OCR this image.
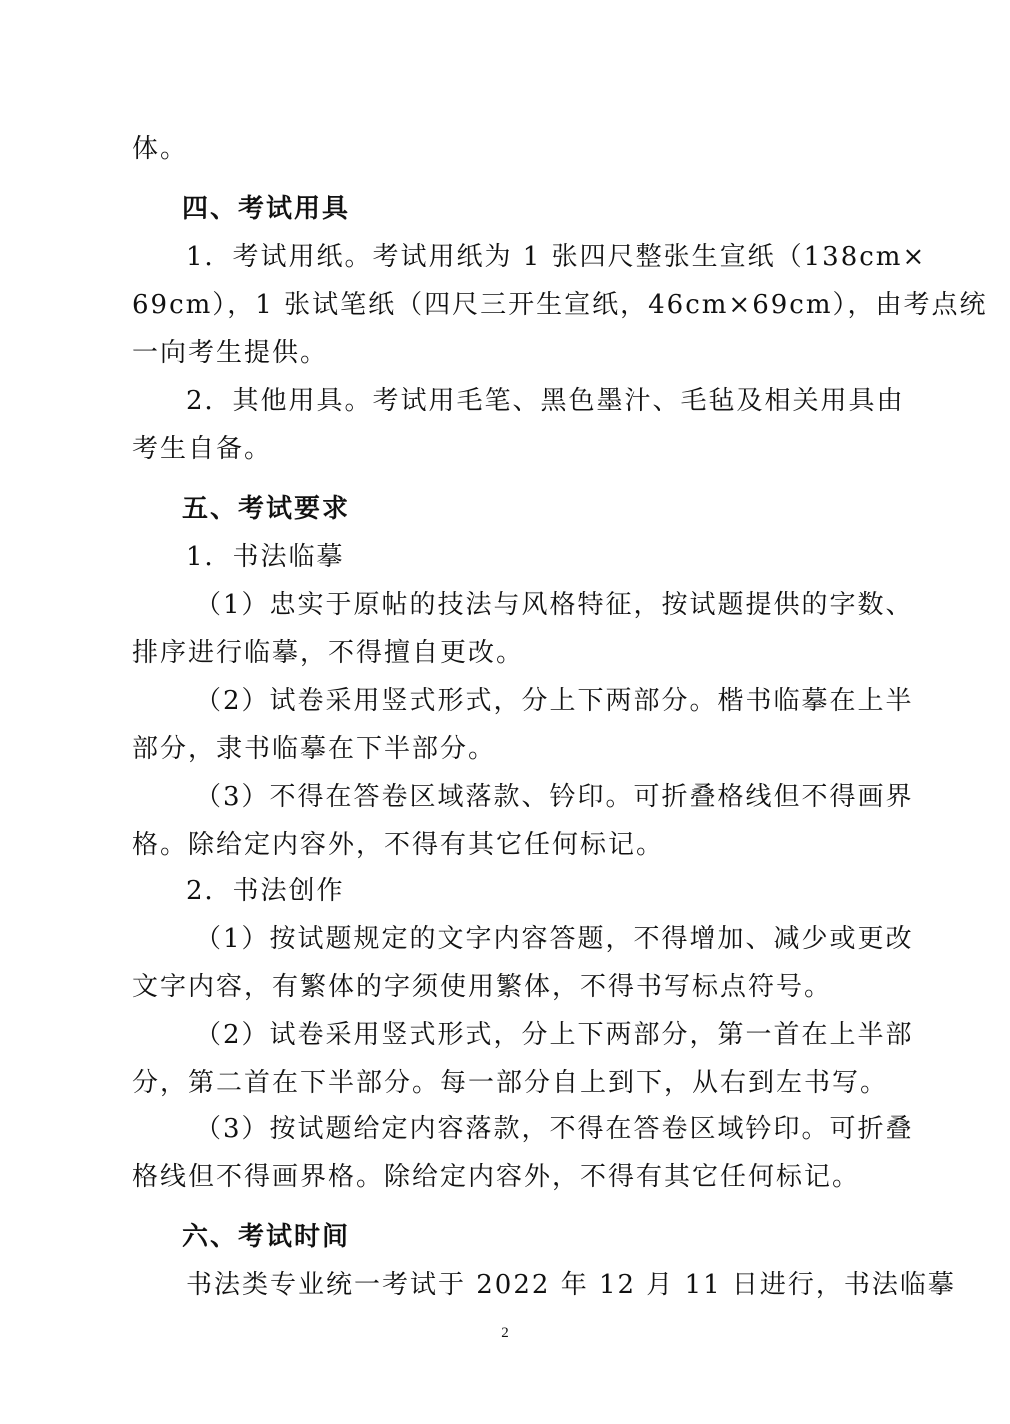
体。
四、考试用具
1．考试用纸。考试用纸为 1 张四尺整张生宣纸（138cm×
69cm），1 张试笔纸（四尺三开生宣纸，46cm×69cm），由考点统
一向考生提供。
2．其他用具。考试用毛笔、黑色墨汁、毛毡及相关用具由
考生自备。
五、考试要求
1．书法临摹
（1）忠实于原帖的技法与风格特征，按试题提供的字数、
排序进行临摹，不得擅自更改。
（2）试卷采用竖式形式，分上下两部分。楷书临摹在上半
部分，隶书临摹在下半部分。
（3）不得在答卷区域落款、钤印。可折叠格线但不得画界
格。除给定内容外，不得有其它任何标记。
2．书法创作
（1）按试题规定的文字内容答题，不得增加、减少或更改
文字内容，有繁体的字须使用繁体，不得书写标点符号。
（2）试卷采用竖式形式，分上下两部分，第一首在上半部
分，第二首在下半部分。每一部分自上到下，从右到左书写。
（3）按试题给定内容落款，不得在答卷区域钤印。可折叠
格线但不得画界格。除给定内容外，不得有其它任何标记。
六、考试时间
书法类专业统一考试于 2022 年 12 月 11 日进行，书法临摹
2
